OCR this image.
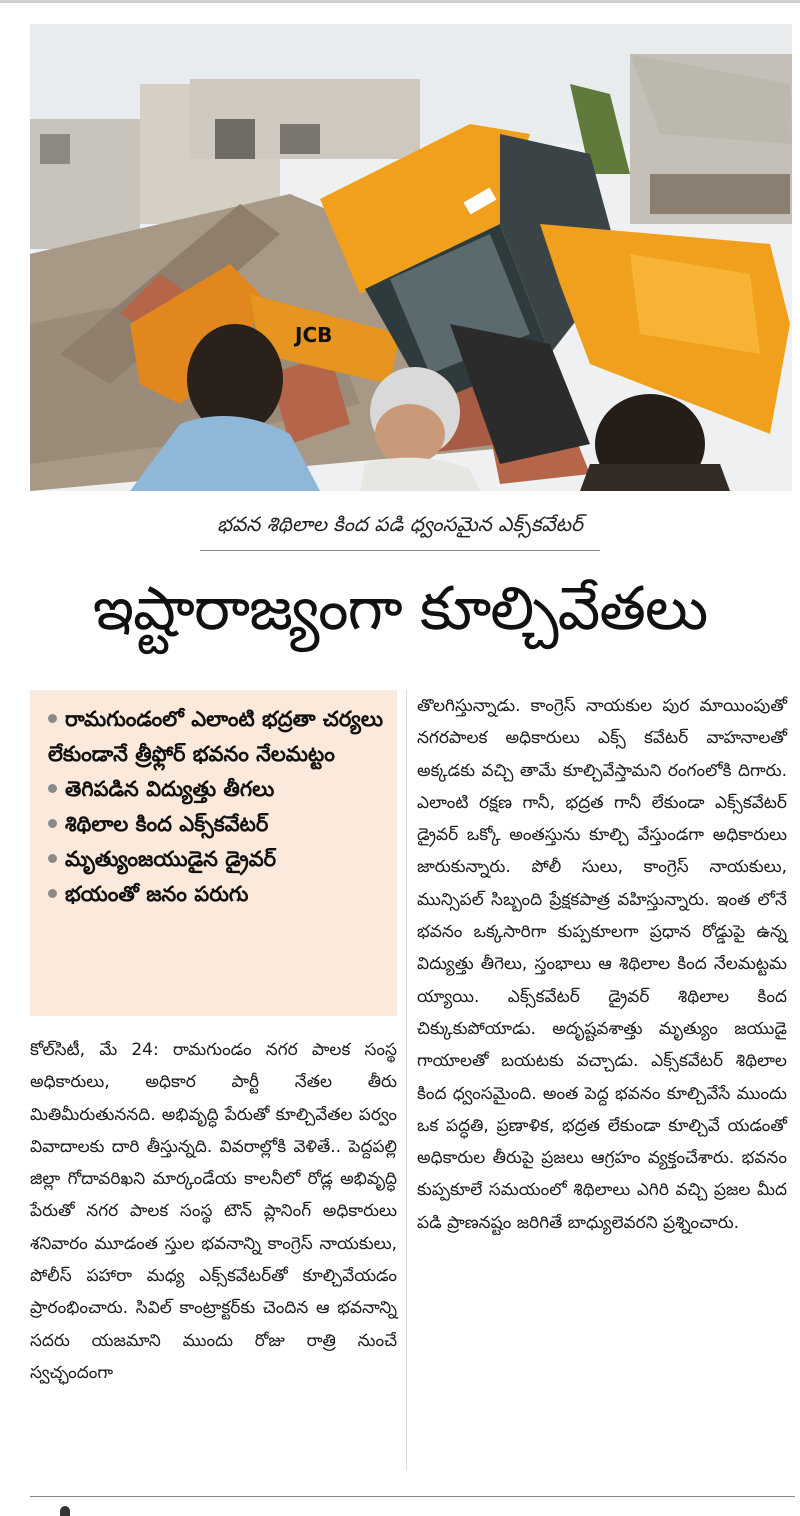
JCB
భవన శిథిలాల కింద పడి ధ్వంసమైన ఎక్స్‌కవేటర్
ఇష్టారాజ్యంగా కూల్చివేతలు
రామగుండంలో ఎలాంటి భద్రతా చర్యలు లేకుండానే త్రీఫ్లోర్ భవనం నేలమట్టం
తెగిపడిన విద్యుత్తు తీగలు
శిథిలాల కింద ఎక్స్‌కవేటర్
మృత్యుంజయుడైన డ్రైవర్
భయంతో జనం పరుగు
కోల్‌సిటీ, మే 24: రామగుండం నగర పాలక సంస్థ అధికారులు, అధికార పార్టీ నేతల తీరు మితిమీరుతుననది. అభివృద్ధి పేరుతో కూల్చివేతల పర్వం వివాదాలకు దారి తీస్తున్నది. వివరాల్లోకి వెళితే.. పెద్దపల్లి జిల్లా గోదావరిఖని మార్కండేయ కాలనీలో రోడ్ల అభివృద్ధి పేరుతో నగర పాలక సంస్థ టౌన్ ప్లానింగ్ అధికారులు శనివారం మూడంత స్తుల భవనాన్ని కాంగ్రెస్ నాయకులు, పోలీస్ పహారా మధ్య ఎక్స్‌కవేటర్‌తో కూల్చివేయడం ప్రారంభించారు. సివిల్ కాంట్రాక్టర్‌కు చెందిన ఆ భవనాన్ని సదరు యజమాని ముందు రోజు రాత్రి నుంచే స్వచ్ఛందంగా
తొలగిస్తున్నాడు. కాంగ్రెస్ నాయకుల పుర మాయింపుతో నగరపాలక అధికారులు ఎక్స్ కవేటర్ వాహనాలతో అక్కడకు వచ్చి తామే కూల్చివేస్తామని రంగంలోకి దిగారు. ఎలాంటి రక్షణ గానీ, భద్రత గానీ లేకుండా ఎక్స్‌కవేటర్ డ్రైవర్ ఒక్కో అంతస్తును కూల్చి వేస్తుండగా అధికారులు జారుకున్నారు. పోలీ సులు, కాంగ్రెస్ నాయకులు, మున్సిపల్ సిబ్బంది ప్రేక్షకపాత్ర వహిస్తున్నారు. ఇంత లోనే భవనం ఒక్కసారిగా కుప్పకూలగా ప్రధాన రోడ్డుపై ఉన్న విద్యుత్తు తీగెలు, స్తంభాలు ఆ శిథిలాల కింద నేలమట్టమ య్యాయి. ఎక్స్‌కవేటర్ డ్రైవర్ శిథిలాల కింద చిక్కుకుపోయాడు. అదృష్టవశాత్తు మృత్యుం జయుడై గాయాలతో బయటకు వచ్చాడు. ఎక్స్‌కవేటర్ శిథిలాల కింద ధ్వంసమైంది. అంత పెద్ద భవనం కూల్చివేసే ముందు ఒక పద్ధతి, ప్రణాళిక, భద్రత లేకుండా కూల్చివే యడంతో అధికారుల తీరుపై ప్రజలు ఆగ్రహం వ్యక్తంచేశారు. భవనం కుప్పకూలే సమయంలో శిథిలాలు ఎగిరి వచ్చి ప్రజల మీద పడి ప్రాణనష్టం జరిగితే బాధ్యులెవరని ప్రశ్నించారు.
